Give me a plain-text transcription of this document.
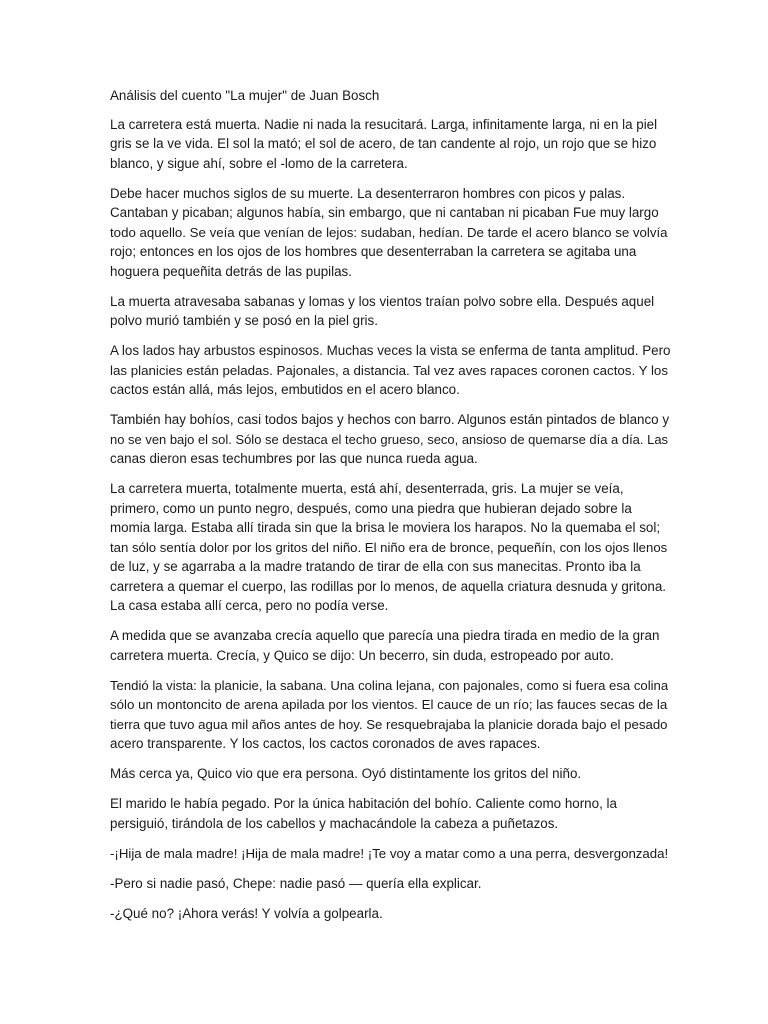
Análisis del cuento "La mujer" de Juan Bosch
La carretera está muerta. Nadie ni nada la resucitará. Larga, infinitamente larga, ni en la piel
gris se la ve vida. El sol la mató; el sol de acero, de tan candente al rojo, un rojo que se hizo
blanco, y sigue ahí, sobre el -lomo de la carretera.
Debe hacer muchos siglos de su muerte. La desenterraron hombres con picos y palas.
Cantaban y picaban; algunos había, sin embargo, que ni cantaban ni picaban Fue muy largo
todo aquello. Se veía que venían de lejos: sudaban, hedían. De tarde el acero blanco se volvía
rojo; entonces en los ojos de los hombres que desenterraban la carretera se agitaba una
hoguera pequeñita detrás de las pupilas.
La muerta atravesaba sabanas y lomas y los vientos traían polvo sobre ella. Después aquel
polvo murió también y se posó en la piel gris.
A los lados hay arbustos espinosos. Muchas veces la vista se enferma de tanta amplitud. Pero
las planicies están peladas. Pajonales, a distancia. Tal vez aves rapaces coronen cactos. Y los
cactos están allá, más lejos, embutidos en el acero blanco.
También hay bohíos, casi todos bajos y hechos con barro. Algunos están pintados de blanco y
no se ven bajo el sol. Sólo se destaca el techo grueso, seco, ansioso de quemarse día a día. Las
canas dieron esas techumbres por las que nunca rueda agua.
La carretera muerta, totalmente muerta, está ahí, desenterrada, gris. La mujer se veía,
primero, como un punto negro, después, como una piedra que hubieran dejado sobre la
momia larga. Estaba allí tirada sin que la brisa le moviera los harapos. No la quemaba el sol;
tan sólo sentía dolor por los gritos del niño. El niño era de bronce, pequeñín, con los ojos llenos
de luz, y se agarraba a la madre tratando de tirar de ella con sus manecitas. Pronto iba la
carretera a quemar el cuerpo, las rodillas por lo menos, de aquella criatura desnuda y gritona.
La casa estaba allí cerca, pero no podía verse.
A medida que se avanzaba crecía aquello que parecía una piedra tirada en medio de la gran
carretera muerta. Crecía, y Quico se dijo: Un becerro, sin duda, estropeado por auto.
Tendió la vista: la planicie, la sabana. Una colina lejana, con pajonales, como si fuera esa colina
sólo un montoncito de arena apilada por los vientos. El cauce de un río; las fauces secas de la
tierra que tuvo agua mil años antes de hoy. Se resquebrajaba la planicie dorada bajo el pesado
acero transparente. Y los cactos, los cactos coronados de aves rapaces.
Más cerca ya, Quico vio que era persona. Oyó distintamente los gritos del niño.
El marido le había pegado. Por la única habitación del bohío. Caliente como horno, la
persiguió, tirándola de los cabellos y machacándole la cabeza a puñetazos.
-¡Hija de mala madre! ¡Hija de mala madre! ¡Te voy a matar como a una perra, desvergonzada!
-Pero si nadie pasó, Chepe: nadie pasó — quería ella explicar.
-¿Qué no? ¡Ahora verás! Y volvía a golpearla.
